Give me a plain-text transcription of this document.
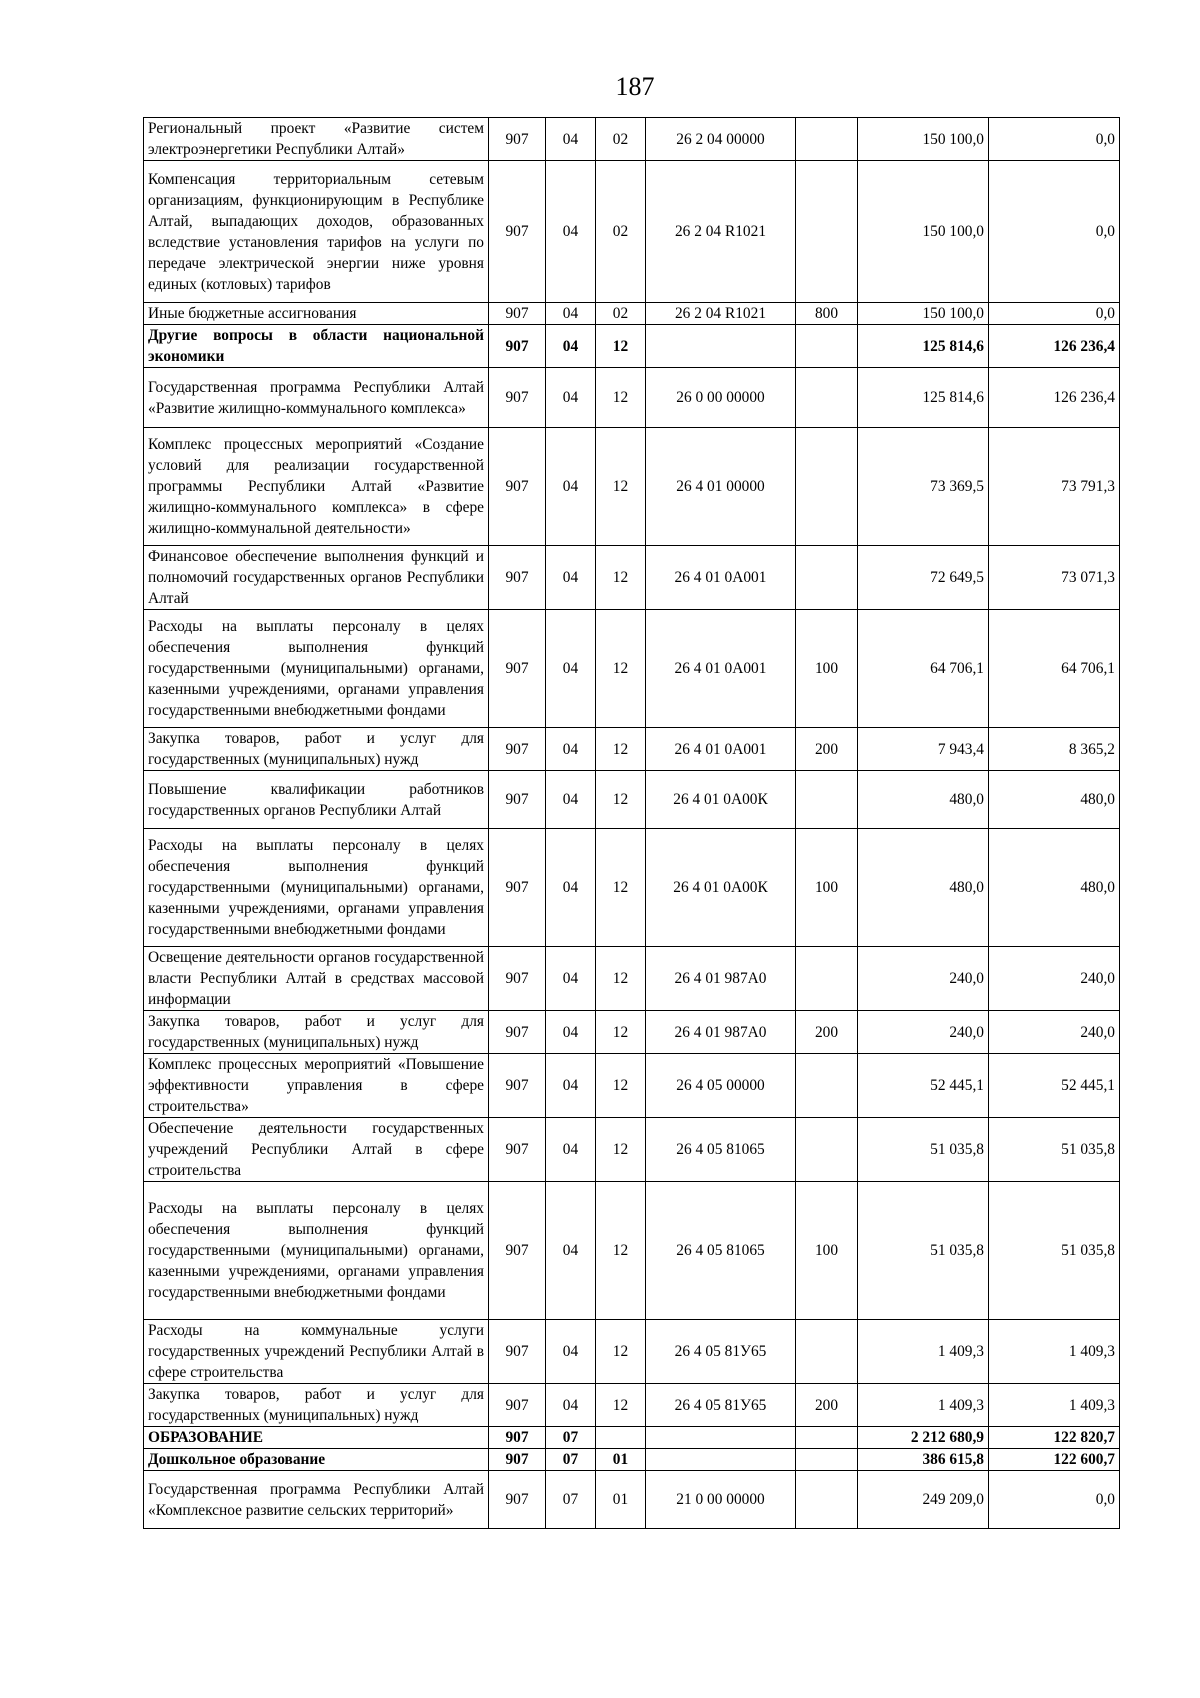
187
Региональный проект «Развитие систем электроэнергетики Республики Алтай»	907	04	02	26 2 04 00000		150 100,0	0,0
Компенсация территориальным сетевым организациям, функционирующим в Республике Алтай, выпадающих доходов, образованных вследствие установления тарифов на услуги по передаче электрической энергии ниже уровня единых (котловых) тарифов	907	04	02	26 2 04 R1021		150 100,0	0,0
Иные бюджетные ассигнования	907	04	02	26 2 04 R1021	800	150 100,0	0,0
Другие вопросы в области национальной экономики	907	04	12			125 814,6	126 236,4
Государственная программа Республики Алтай «Развитие жилищно-коммунального комплекса»	907	04	12	26 0 00 00000		125 814,6	126 236,4
Комплекс процессных мероприятий «Создание условий для реализации государственной программы Республики Алтай «Развитие жилищно-коммунального комплекса» в сфере жилищно-коммунальной деятельности»	907	04	12	26 4 01 00000		73 369,5	73 791,3
Финансовое обеспечение выполнения функций и полномочий государственных органов Республики Алтай	907	04	12	26 4 01 0А001		72 649,5	73 071,3
Расходы на выплаты персоналу в целях обеспечения выполнения функций государственными (муниципальными) органами, казенными учреждениями, органами управления государственными внебюджетными фондами	907	04	12	26 4 01 0А001	100	64 706,1	64 706,1
Закупка товаров, работ и услуг для государственных (муниципальных) нужд	907	04	12	26 4 01 0А001	200	7 943,4	8 365,2
Повышение квалификации работников государственных органов Республики Алтай	907	04	12	26 4 01 0А00К		480,0	480,0
Расходы на выплаты персоналу в целях обеспечения выполнения функций государственными (муниципальными) органами, казенными учреждениями, органами управления государственными внебюджетными фондами	907	04	12	26 4 01 0А00К	100	480,0	480,0
Освещение деятельности органов государственной власти Республики Алтай в средствах массовой информации	907	04	12	26 4 01 987А0		240,0	240,0
Закупка товаров, работ и услуг для государственных (муниципальных) нужд	907	04	12	26 4 01 987А0	200	240,0	240,0
Комплекс процессных мероприятий «Повышение эффективности управления в сфере строительства»	907	04	12	26 4 05 00000		52 445,1	52 445,1
Обеспечение деятельности государственных учреждений Республики Алтай в сфере строительства	907	04	12	26 4 05 81065		51 035,8	51 035,8
Расходы на выплаты персоналу в целях обеспечения выполнения функций государственными (муниципальными) органами, казенными учреждениями, органами управления государственными внебюджетными фондами	907	04	12	26 4 05 81065	100	51 035,8	51 035,8
Расходы на коммунальные услуги государственных учреждений Республики Алтай в сфере строительства	907	04	12	26 4 05 81У65		1 409,3	1 409,3
Закупка товаров, работ и услуг для государственных (муниципальных) нужд	907	04	12	26 4 05 81У65	200	1 409,3	1 409,3
ОБРАЗОВАНИЕ	907	07				2 212 680,9	122 820,7
Дошкольное образование	907	07	01			386 615,8	122 600,7
Государственная программа Республики Алтай «Комплексное развитие сельских территорий»	907	07	01	21 0 00 00000		249 209,0	0,0
